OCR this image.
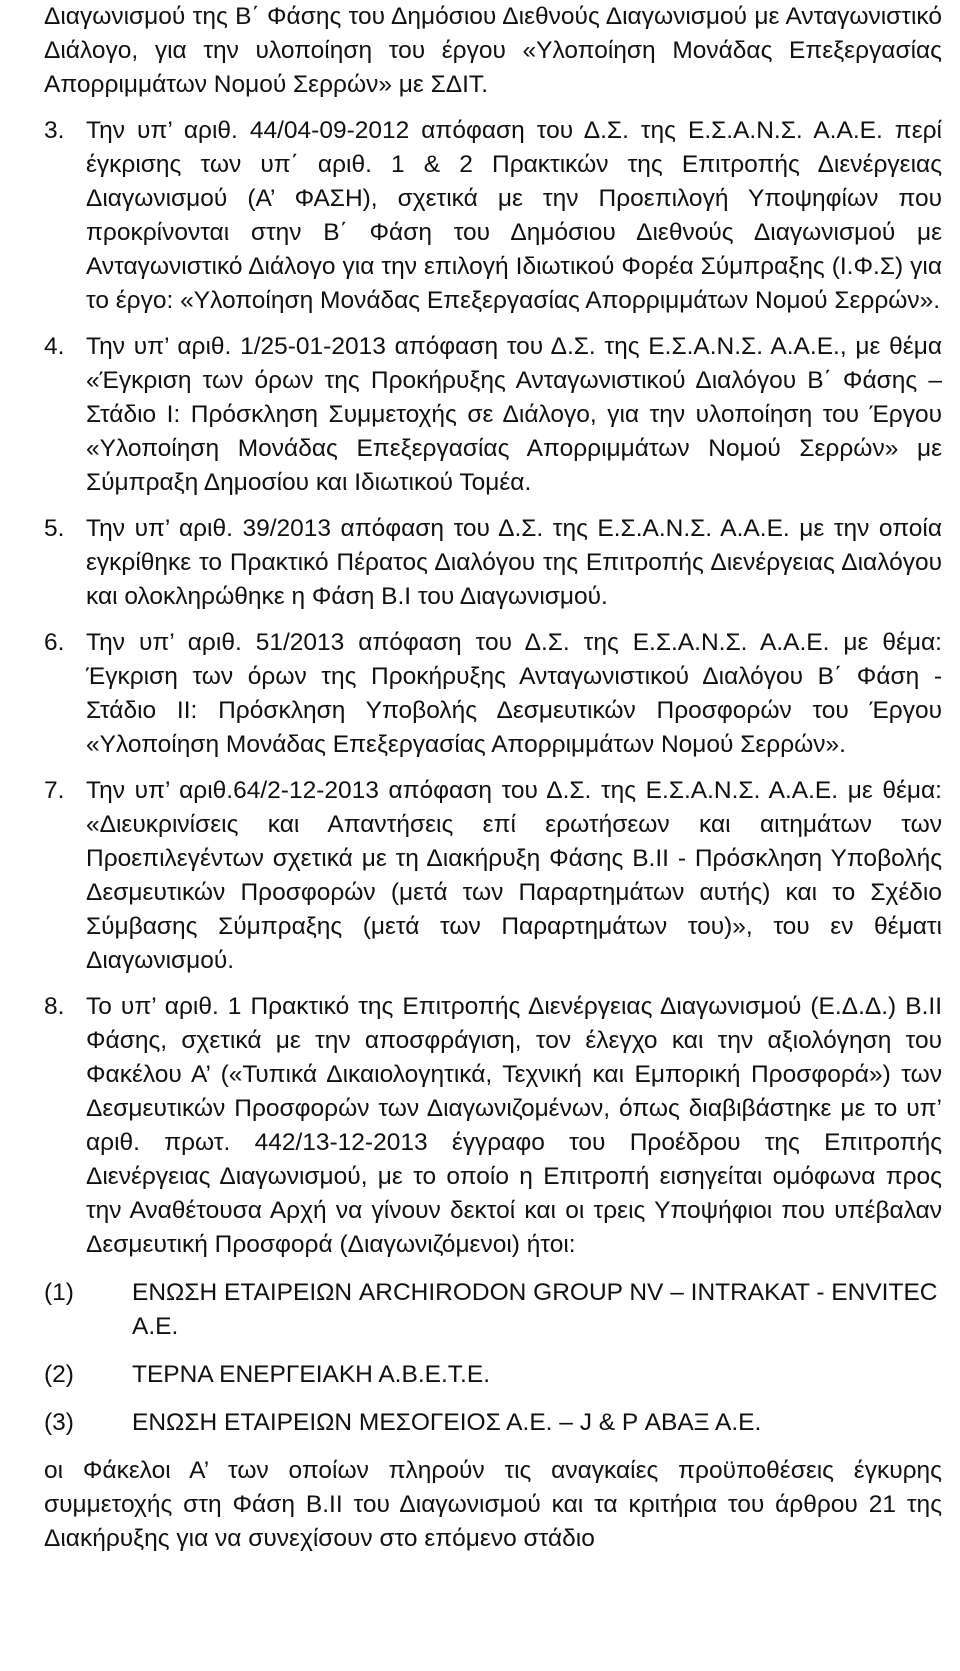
Διαγωνισμού της Β΄ Φάσης του Δημόσιου Διεθνούς Διαγωνισμού με Ανταγωνιστικό Διάλογο, για την υλοποίηση του έργου «Υλοποίηση Μονάδας Επεξεργασίας Απορριμμάτων Νομού Σερρών» με ΣΔΙΤ.

3. Την υπ’ αριθ. 44/04-09-2012 απόφαση του Δ.Σ. της Ε.Σ.Α.Ν.Σ. Α.Α.Ε. περί έγκρισης των υπ΄ αριθ. 1 & 2 Πρακτικών της Επιτροπής Διενέργειας Διαγωνισμού (Α’ ΦΑΣΗ), σχετικά με την Προεπιλογή Υποψηφίων που προκρίνονται στην Β΄ Φάση του Δημόσιου Διεθνούς Διαγωνισμού με Ανταγωνιστικό Διάλογο για την επιλογή Ιδιωτικού Φορέα Σύμπραξης (Ι.Φ.Σ) για το έργο: «Υλοποίηση Μονάδας Επεξεργασίας Απορριμμάτων Νομού Σερρών».
4. Την υπ’ αριθ. 1/25-01-2013 απόφαση του Δ.Σ. της Ε.Σ.Α.Ν.Σ. Α.Α.Ε., με θέμα «Έγκριση των όρων της Προκήρυξης Ανταγωνιστικού Διαλόγου Β΄ Φάσης – Στάδιο Ι: Πρόσκληση Συμμετοχής σε Διάλογο, για την υλοποίηση του Έργου «Υλοποίηση Μονάδας Επεξεργασίας Απορριμμάτων Νομού Σερρών» με Σύμπραξη Δημοσίου και Ιδιωτικού Τομέα.
5. Την υπ’ αριθ. 39/2013 απόφαση του Δ.Σ. της Ε.Σ.Α.Ν.Σ. Α.Α.Ε. με την οποία εγκρίθηκε το Πρακτικό Πέρατος Διαλόγου της Επιτροπής Διενέργειας Διαλόγου και ολοκληρώθηκε η Φάση Β.Ι του Διαγωνισμού.
6. Την υπ’ αριθ. 51/2013 απόφαση του Δ.Σ. της Ε.Σ.Α.Ν.Σ. Α.Α.Ε. με θέμα: Έγκριση των όρων της Προκήρυξης Ανταγωνιστικού Διαλόγου Β΄ Φάση - Στάδιο ΙΙ: Πρόσκληση Υποβολής Δεσμευτικών Προσφορών του Έργου «Υλοποίηση Μονάδας Επεξεργασίας Απορριμμάτων Νομού Σερρών».
7. Την υπ’ αριθ.64/2-12-2013 απόφαση του Δ.Σ. της Ε.Σ.Α.Ν.Σ. Α.Α.Ε. με θέμα: «Διευκρινίσεις και Απαντήσεις επί ερωτήσεων και αιτημάτων των Προεπιλεγέντων σχετικά με τη Διακήρυξη Φάσης Β.ΙΙ - Πρόσκληση Υποβολής Δεσμευτικών Προσφορών (μετά των Παραρτημάτων αυτής) και το Σχέδιο Σύμβασης Σύμπραξης (μετά των Παραρτημάτων του)», του εν θέματι Διαγωνισμού.
8. Το υπ’ αριθ. 1 Πρακτικό της Επιτροπής Διενέργειας Διαγωνισμού (Ε.Δ.Δ.) Β.ΙΙ Φάσης, σχετικά με την αποσφράγιση, τον έλεγχο και την αξιολόγηση του Φακέλου Α’ («Τυπικά Δικαιολογητικά, Τεχνική και Εμπορική Προσφορά») των Δεσμευτικών Προσφορών των Διαγωνιζομένων, όπως διαβιβάστηκε με το υπ’ αριθ. πρωτ. 442/13-12-2013 έγγραφο του Προέδρου της Επιτροπής Διενέργειας Διαγωνισμού, με το οποίο η Επιτροπή εισηγείται ομόφωνα προς την Αναθέτουσα Αρχή να γίνουν δεκτοί και οι τρεις Υποψήφιοι που υπέβαλαν Δεσμευτική Προσφορά (Διαγωνιζόμενοι) ήτοι:
(1)	ΕΝΩΣΗ ΕΤΑΙΡΕΙΩΝ ARCHIRODON GROUP NV – INTRAKAT - ENVITEC Α.Ε.
(2)	ΤΕΡΝΑ ΕΝΕΡΓΕΙΑΚΗ Α.Β.Ε.Τ.Ε.
(3)	ΕΝΩΣΗ ΕΤΑΙΡΕΙΩΝ ΜΕΣΟΓΕΙΟΣ Α.Ε. – J & P ΑΒΑΞ Α.Ε.

οι Φάκελοι Α’ των οποίων πληρούν τις αναγκαίες προϋποθέσεις έγκυρης συμμετοχής στη Φάση Β.ΙΙ του Διαγωνισμού και τα κριτήρια του άρθρου 21 της Διακήρυξης για να συνεχίσουν στο επόμενο στάδιο
